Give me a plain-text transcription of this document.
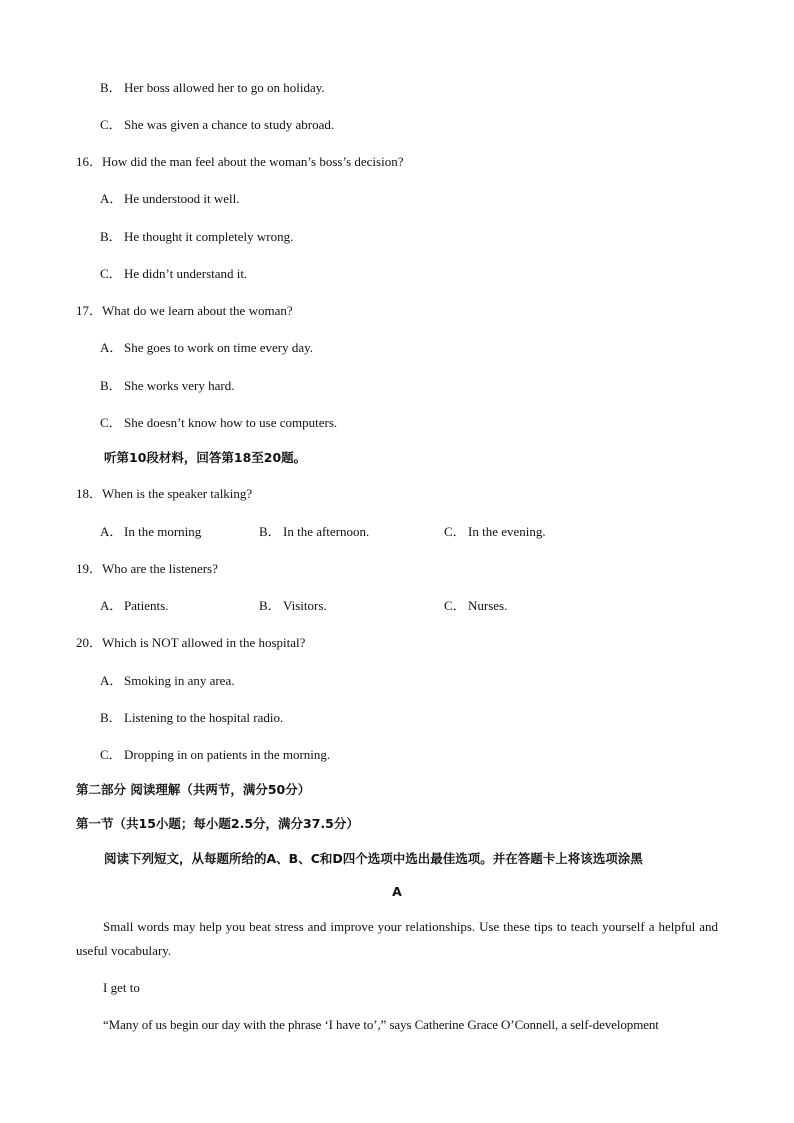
B． Her boss allowed her to go on holiday.
C． She was given a chance to study abroad.
16．How did the man feel about the woman’s boss’s decision?
A． He understood it well.
B． He thought it completely wrong.
C． He didn’t understand it.
17．What do we learn about the woman?
A． She goes to work on time every day.
B． She works very hard.
C． She doesn’t know how to use computers.
听第10段材料，回答第18至20题。
18．When is the speaker talking?
A． In the morning	B． In the afternoon.	C． In the evening.
19．Who are the listeners?
A． Patients.	B． Visitors.	C． Nurses.
20．Which is NOT allowed in the hospital?
A． Smoking in any area.
B． Listening to the hospital radio.
C． Dropping in on patients in the morning.
第二部分 阅读理解（共两节，满分50分）
第一节（共15小题；每小题2.5分，满分37.5分）
阅读下列短文，从每题所给的A、B、C和D四个选项中选出最佳选项。并在答题卡上将该选项涂黑
A
Small words may help you beat stress and improve your relationships. Use these tips to teach yourself a helpful and useful vocabulary.
I get to
“Many of us begin our day with the phrase ‘I have to’,” says Catherine Grace O’Connell, a self-development
